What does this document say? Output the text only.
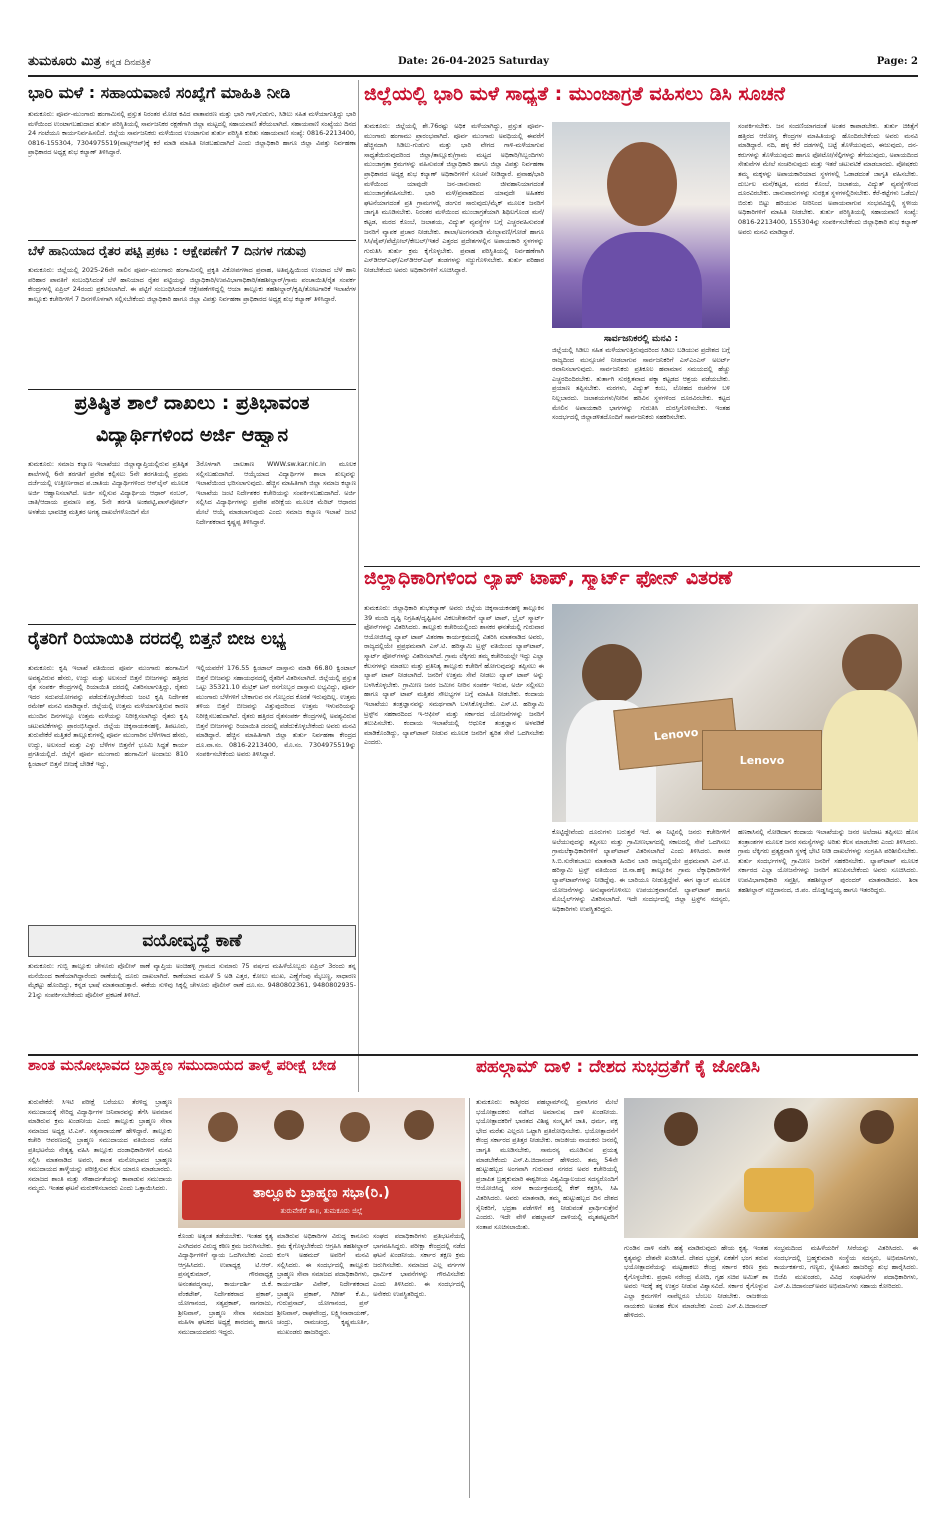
ತುಮಕೂರು ಮಿತ್ರ ಕನ್ನಡ ದಿನಪತ್ರಿಕೆ	Date: 26-04-2025 Saturday	Page: 2
ಭಾರಿ ಮಳೆ : ಸಹಾಯವಾಣಿ ಸಂಖ್ಯೆಗೆ ಮಾಹಿತಿ ನೀಡಿ
ತುಮಕೂರು: ಪೂರ್ವ-ಮುಂಗಾರು ಹಂಗಾಮಿನಲ್ಲಿ ಪ್ರಸ್ತುತ ನಿರಂತರ ಮೋಡ ಕವಿದ ವಾತಾವರಣ ಮತ್ತು ಭಾರಿ ಗಾಳಿ,ಗುಡುಗು, ಸಿಡಿಲು ಸಹಿತ ಮಳೆಯಾಗುತ್ತಿದ್ದು ಭಾರಿ ಮಳೆಯಿಂದ ಉಂಟಾಗಬಹುದಾದ ತುರ್ತು ಪರಿಸ್ಥಿತಿಯಲ್ಲಿ ಸಾರ್ವಜನಿಕರ ರಕ್ಷಣೆಗಾಗಿ ಜಿಲ್ಲಾ ಮಟ್ಟದಲ್ಲಿ ಸಹಾಯವಾಣಿ ತೆರೆಯಲಾಗಿದೆ. ಸಹಾಯವಾಣಿ ಸಂಖ್ಯೆಯು ದಿನದ 24 ಗಂಟೆಯೂ ಕಾರ್ಯನಿರ್ವಹಿಸಲಿದೆ. ಜಿಲ್ಲೆಯ ಸಾರ್ವಜನಿಕರು ಮಳೆಯಿಂದ ಉಂಟಾಗುವ ತುರ್ತು ಪರಿಸ್ಥಿತಿ ಕುರಿತು ಸಹಾಯವಾಣಿ ಸಂಖ್ಯೆ: 0816-2213400, 0816-155304, 7304975519(ವಾಟ್ಸ್‌ಆಪ್)ಕ್ಕೆ ಕರೆ ಮಾಡಿ ಮಾಹಿತಿ ನೀಡಬಹುದಾಗಿದೆ ಎಂದು ಜಿಲ್ಲಾಧಿಕಾರಿ ಹಾಗೂ ಜಿಲ್ಲಾ ವಿಪತ್ತು ನಿರ್ವಹಣಾ ಪ್ರಾಧಿಕಾರದ ಅಧ್ಯಕ್ಷ ಶುಭ ಕಲ್ಯಾಣ್ ತಿಳಿಸಿದ್ದಾರೆ.
ಬೆಳೆ ಹಾನಿಯಾದ ರೈತರ ಪಟ್ಟಿ ಪ್ರಕಟ : ಆಕ್ಷೇಪಣೆಗೆ 7 ದಿನಗಳ ಗಡುವು
ತುಮಕೂರು: ಜಿಲ್ಲೆಯಲ್ಲಿ 2025-26ನೇ ಸಾಲಿನ ಪೂರ್ವ-ಮುಂಗಾರು ಹಂಗಾಮಿನಲ್ಲಿ ಪ್ರಕೃತಿ ವಿಕೋಪಗಳಾದ ಪ್ರವಾಹ, ಅತಿವೃಷ್ಟಿಯಿಂದ ಉಂಟಾದ ಬೆಳೆ ಹಾನಿ ಪರಿಹಾರ ಪಾವತಿಗೆ ಸಂಬಂಧಿಸಿದಂತೆ ಬೆಳೆ ಹಾನಿಯಾದ ರೈತರ ಪಟ್ಟಿಯನ್ನು ಜಿಲ್ಲಾಧಿಕಾರಿ/ಉಪವಿಭಾಗಾಧಿಕಾರಿ/ತಹಶೀಲ್ದಾರ್/ಗ್ರಾಮ ಪಂಚಾಯಿತಿ/ರೈತ ಸಂಪರ್ಕ ಕೇಂದ್ರಗಳಲ್ಲಿ ಏಪ್ರಿಲ್ 24ರಂದು ಪ್ರಕಟಿಸಲಾಗಿದೆ. ಈ ಪಟ್ಟಿಗೆ ಸಂಬಂಧಿಸಿದಂತೆ ಆಕ್ಷೇಪಣೆಗಳಿದ್ದಲ್ಲಿ ಆಯಾ ತಾಲ್ಲೂಕು ತಹಶೀಲ್ದಾರ್/ಕೃಷಿ/ತೋಟಗಾರಿಕೆ ಇಲಾಖೆಗಳ ತಾಲ್ಲೂಕು ಕಚೇರಿಗಳಿಗೆ 7 ದಿನಗಳೊಳಗಾಗಿ ಸಲ್ಲಿಸಬೇಕೆಂದು ಜಿಲ್ಲಾಧಿಕಾರಿ ಹಾಗೂ ಜಿಲ್ಲಾ ವಿಪತ್ತು ನಿರ್ವಹಣಾ ಪ್ರಾಧಿಕಾರದ ಅಧ್ಯಕ್ಷ ಶುಭ ಕಲ್ಯಾಣ್ ತಿಳಿಸಿದ್ದಾರೆ.
ಪ್ರತಿಷ್ಠಿತ ಶಾಲೆ ದಾಖಲು : ಪ್ರತಿಭಾವಂತ
ವಿದ್ಯಾರ್ಥಿಗಳಿಂದ ಅರ್ಜಿ ಆಹ್ವಾನ
ತುಮಕೂರು: ಸಮಾಜ ಕಲ್ಯಾಣ ಇಲಾಖೆಯು ಜಿಲ್ಲಾವ್ಯಾಪ್ತಿಯಲ್ಲಿರುವ ಪ್ರತಿಷ್ಠಿತ ಶಾಲೆಗಳಲ್ಲಿ 6ನೇ ತರಗತಿಗೆ ಪ್ರವೇಶ ಕಲ್ಪಿಸಲು 5ನೇ ತರಗತಿಯಲ್ಲಿ ಪ್ರಥಮ ದರ್ಜೆಯಲ್ಲಿ ಉತ್ತೀರ್ಣರಾದ ಪ.ಜಾತಿಯ ವಿದ್ಯಾರ್ಥಿಗಳಿಂದ ಆನ್‌ಲೈನ್ ಮೂಲಕ ಅರ್ಜಿ ಆಹ್ವಾನಿಸಲಾಗಿದೆ. ಅರ್ಜಿ ಸಲ್ಲಿಸುವ ವಿದ್ಯಾರ್ಥಿಯ ಆಧಾರ್ ನಂಬರ್, ಜಾತಿ/ಆದಾಯ ಪ್ರಮಾಣ ಪತ್ರ, 5ನೇ ತರಗತಿ ಅಂಕಪಟ್ಟಿ,ಪಾಸ್‌ಪೋರ್ಟ್ ಅಳತೆಯ ಭಾವಚಿತ್ರ ಮತ್ತಿತರ ಅಗತ್ಯ ದಾಖಲೆಗಳೊಂದಿಗೆ ಮೇ
3ರೊಳಗಾಗಿ ಜಾಲತಾಣ WWW.sw.kar.nic.in ಮೂಲಕ ಸಲ್ಲಿಸಬಹುದಾಗಿದೆ. ಆಯ್ಕೆಯಾದ ವಿದ್ಯಾರ್ಥಿಗಳ ಶಾಲಾ ಶುಲ್ಕವನ್ನು ಇಲಾಖೆಯಿಂದ ಭರಿಸಲಾಗುವುದು. ಹೆಚ್ಚಿನ ಮಾಹಿತಿಗಾಗಿ ಜಿಲ್ಲಾ ಸಮಾಜ ಕಲ್ಯಾಣ ಇಲಾಖೆಯ ಜಂಟಿ ನಿರ್ದೇಶಕರ ಕಚೇರಿಯನ್ನು ಸಂಪರ್ಕಿಸಬಹುದಾಗಿದೆ. ಅರ್ಜಿ ಸಲ್ಲಿಸಿದ ವಿದ್ಯಾರ್ಥಿಗಳನ್ನು ಪ್ರವೇಶ ಪರೀಕ್ಷೆಯ ಮೂಲಕ ಮೆರಿಟ್ ಆಧಾರದ ಮೇಲೆ ಆಯ್ಕೆ ಮಾಡಲಾಗುವುದು ಎಂದು ಸಮಾಜ ಕಲ್ಯಾಣ ಇಲಾಖೆ ಜಂಟಿ ನಿರ್ದೇಶಕರಾದ ಕೃಷ್ಣಪ್ಪ ತಿಳಿಸಿದ್ದಾರೆ.
ರೈತರಿಗೆ ರಿಯಾಯಿತಿ ದರದಲ್ಲಿ ಬಿತ್ತನೆ ಬೀಜ ಲಭ್ಯ
ತುಮಕೂರು: ಕೃಷಿ ಇಲಾಖೆ ವತಿಯಿಂದ ಪೂರ್ವ ಮುಂಗಾರು ಹಂಗಾಮಿಗೆ ಅವಶ್ಯವಿರುವ ಹೆಸರು, ಉದ್ದು ಮತ್ತು ಅಲಸಂದೆ ಬಿತ್ತನೆ ಬೀಜಗಳನ್ನು ಹತ್ತಿರದ ರೈತ ಸಂಪರ್ಕ ಕೇಂದ್ರಗಳಲ್ಲಿ ರಿಯಾಯಿತಿ ದರದಲ್ಲಿ ವಿತರಿಸಲಾಗುತ್ತಿದ್ದು, ರೈತರು ಇದರ ಸದುಪಯೋಗವನ್ನು ಪಡೆದುಕೊಳ್ಳಬೇಕೆಂದು ಜಂಟಿ ಕೃಷಿ ನಿರ್ದೇಶಕ ರಮೇಶ್ ಮನವಿ ಮಾಡಿದ್ದಾರೆ. ಜಿಲ್ಲೆಯಲ್ಲಿ ಉತ್ತಮ ಮಳೆಯಾಗುತ್ತಿರುವ ಕಾರಣ ಮುಂದಿನ ದಿನಗಳಲ್ಲೂ ಉತ್ತಮ ಮಳೆಯನ್ನು ನಿರೀಕ್ಷಿಸಲಾಗಿದ್ದು ರೈತರು ಕೃಷಿ ಚಟುವಟಿಕೆಗಳನ್ನು ಪ್ರಾರಂಭಿಸಿದ್ದಾರೆ. ಜಿಲ್ಲೆಯ ಚಿಕ್ಕನಾಯಕನಹಳ್ಳಿ, ತಿಪಟೂರು, ತುರುವೇಕೆರೆ ಮತ್ತಿತರೆ ತಾಲ್ಲೂಕುಗಳಲ್ಲಿ ಪೂರ್ವ ಮುಂಗಾರಿನ ಬೆಳೆಗಳಾದ ಹೆಸರು, ಉದ್ದು, ಅಲಸಂದೆ ಮತ್ತು ಎಳ್ಳು ಬೆಳೆಗಳ ಬಿತ್ತನೆಗೆ ಭೂಮಿ ಸಿದ್ಧತೆ ಕಾರ್ಯ ಪ್ರಗತಿಯಲ್ಲಿದೆ. ಜಿಲ್ಲೆಗೆ ಪೂರ್ವ ಮುಂಗಾರು ಹಂಗಾಮಿಗೆ ಅಂದಾಜು 810 ಕ್ವಿಂಟಾಲ್ ಬಿತ್ತನೆ ಬೀಜಕ್ಕೆ ಬೇಡಿಕೆ ಇದ್ದು,
ಇಲ್ಲಿಯವರೆಗೆ 176.55 ಕ್ವಿಂಟಾಲ್ ದಾಸ್ತಾನು ಮಾಡಿ 66.80 ಕ್ವಿಂಟಾಲ್ ಬಿತ್ತನೆ ಬೀಜವನ್ನು ಸಹಾಯಧನದಲ್ಲಿ ರೈತರಿಗೆ ವಿತರಿಸಲಾಗಿದೆ. ಜಿಲ್ಲೆಯಲ್ಲಿ ಪ್ರಸ್ತುತ ಒಟ್ಟು 35321.10 ಮೆಟ್ರಿಕ್ ಟನ್ ರಸಗೊಬ್ಬರ ದಾಸ್ತಾನು ಲಭ್ಯವಿದ್ದು, ಪೂರ್ವ ಮುಂಗಾರು ಬೆಳೆಗಳಿಗೆ ಬೇಕಾಗುವ ರಸ ಗೊಬ್ಬರದ ಕೊರತೆ ಇರುವುದಿಲ್ಲ. ಉತ್ತಮ ತಳಿಯ ಬಿತ್ತನೆ ಬೀಜವನ್ನು ವಿತ್ತುವುದರಿಂದ ಉತ್ತಮ ಇಳುವರಿಯನ್ನು ನಿರೀಕ್ಷಿಸಬಹುದಾಗಿದೆ. ರೈತರು ಹತ್ತಿರದ ರೈತಸಂಪರ್ಕ ಕೇಂದ್ರಗಳಲ್ಲಿ ಅವಶ್ಯವಿರುವ ಬಿತ್ತನೆ ಬೀಜಗಳನ್ನು ರಿಯಾಯಿತಿ ದರದಲ್ಲಿ ಪಡೆದುಕೊಳ್ಳಬೇಕೆಂದು ಅವರು ಮನವಿ ಮಾಡಿದ್ದಾರೆ. ಹೆಚ್ಚಿನ ಮಾಹಿತಿಗಾಗಿ ಜಿಲ್ಲಾ ತುರ್ತು ನಿರ್ವಹಣಾ ಕೇಂದ್ರದ ದೂ.ವಾ.ಸಂ. 0816-2213400, ಮೊ.ಸಂ. 7304975519ನ್ನು ಸಂಪರ್ಕಿಸಬೇಕೆಂದು ಅವರು ತಿಳಿಸಿದ್ದಾರೆ.
ವಯೋವೃದ್ಧೆ ಕಾಣೆ
ತುಮಕೂರು: ಗುಬ್ಬಿ ತಾಲ್ಲೂಕು ಚೇಳೂರು ಪೊಲೀಸ್ ಠಾಣೆ ವ್ಯಾಪ್ತಿಯ ಅಂಚಿಹಳ್ಳಿ ಗ್ರಾಮದ ಸುಮಾರು 75 ವರ್ಷದ ಮಹಿಳೆಯೊಬ್ಬರು ಏಪ್ರಿಲ್ 3ರಂದು ತನ್ನ ಮನೆಯಿಂದ ಕಾಣೆಯಾಗಿದ್ದಾರೆಂದು ಠಾಣೆಯಲ್ಲಿ ದೂರು ದಾಖಲಾಗಿದೆ. ಕಾಣೆಯಾದ ಮಹಿಳೆ 5 ಅಡಿ ಎತ್ತರ, ಕೋಲು ಮುಖ, ಎಣ್ಣೆಗೆಂಪು ಮೈಬಣ್ಣ, ಸಾಧಾರಣ ಮೈಕಟ್ಟು ಹೊಂದಿದ್ದು, ಕನ್ನಡ ಭಾಷೆ ಮಾತನಾಡುತ್ತಾರೆ. ಈಕೆಯ ಸುಳಿವು ಸಿಕ್ಕಲ್ಲಿ ಚೇಳೂರು ಪೊಲೀಸ್ ಠಾಣೆ ದೂ.ಸಂ. 9480802361, 9480802935-21ನ್ನು ಸಂಪರ್ಕಿಸಬೇಕೆಂದು ಪೊಲೀಸ್ ಪ್ರಕಟಣೆ ತಿಳಿಸಿದೆ.
ಜಿಲ್ಲೆಯಲ್ಲಿ ಭಾರಿ ಮಳೆ ಸಾಧ್ಯತೆ : ಮುಂಜಾಗ್ರತೆ ವಹಿಸಲು ಡಿಸಿ ಸೂಚನೆ
ತುಮಕೂರು: ಜಿಲ್ಲೆಯಲ್ಲಿ ಶೇ.76ರಷ್ಟು ಅಧಿಕ ಮಳೆಯಾಗಿದ್ದು, ಪ್ರಸ್ತುತ ಪೂರ್ವ-ಮುಂಗಾರು ಹಂಗಾಮು ಪ್ರಾರಂಭವಾಗಿದೆ. ಪೂರ್ವ ಮುಂಗಾರು ಅವಧಿಯಲ್ಲಿ ಈವರೆಗೆ ಹೆಚ್ಚಿನದಾಗಿ ಸಿಡಿಲು-ಗುಡುಗು ಮತ್ತು ಭಾರಿ ವೇಗದ ಗಾಳಿ-ಮಳೆಯಾಗುವ ಸಾಧ್ಯತೆಯಿರುವುದರಿಂದ ಜಿಲ್ಲಾ/ತಾಲ್ಲೂಕು/ಗ್ರಾಮ ಮಟ್ಟದ ಅಧಿಕಾರಿ/ಸಿಬ್ಬಂದಿಗಳು ಮುಂಜಾಗ್ರತಾ ಕ್ರಮಗಳನ್ನು ವಹಿಸುವಂತೆ ಜಿಲ್ಲಾಧಿಕಾರಿ ಹಾಗೂ ಜಿಲ್ಲಾ ವಿಪತ್ತು ನಿರ್ವಹಣಾ ಪ್ರಾಧಿಕಾರದ ಅಧ್ಯಕ್ಷ ಶುಭ ಕಲ್ಯಾಣ್ ಅಧಿಕಾರಿಗಳಿಗೆ ಸೂಚನೆ ನೀಡಿದ್ದಾರೆ. ಪ್ರವಾಹ/ಭಾರಿ ಮಳೆಯಿಂದ ಯಾವುದೇ ಜನ-ಜಾನುವಾರು ಜೀವಹಾನಿಯಾಗದಂತೆ ಮುಂಜಾಗ್ರತೆವಹಿಸಬೇಕು. ಭಾರಿ ಮಳೆ/ಪ್ರವಾಹದಿಂದ ಯಾವುದೇ ಅಹಿತಕರ ಘಟನೆಯಾಗದಂತೆ ಪ್ರತಿ ಗ್ರಾಮಗಳಲ್ಲಿ ಡಂಗುರ ಸಾರುವುದು/ಮೈಕ್ ಮೂಲಕ ಜನರಿಗೆ ಜಾಗೃತಿ ಮೂಡಿಸಬೇಕು. ನಿರಂತರ ಮಳೆಯಿಂದ ಮುಂಜಾಗ್ರತೆಯಾಗಿ ಶಿಥಿಲಗೊಂಡ ಮನೆ/ಕಟ್ಟಡ, ಮರದ ಕೊಂಬೆ, ಜಲಾಶಯ, ವಿದ್ಯುತ್ ವ್ಯವಸ್ಥೆಗಳ ಬಗ್ಗೆ ಎಚ್ಚರವಹಿಸುವಂತೆ ಜನರಿಗೆ ವ್ಯಾಪಕ ಪ್ರಚಾರ ನೀಡಬೇಕು. ಶಾಲಾ/ಅಂಗನವಾಡಿ ಮೇಲ್ಛಾವಣಿ/ಗೋಡೆ ಹಾಗೂ ಸಿಸಿ/ಪೈಪ್/ಪೆಟ್ರೋಲ್/ಕೇಬಲ್/ಇತರೆ ಎತ್ತರದ ಪ್ರದೇಶಗಳಲ್ಲಿನ ಅಪಾಯಕಾರಿ ಸ್ಥಳಗಳನ್ನು ಗುರುತಿಸಿ ತುರ್ತು ಕ್ರಮ ಕೈಗೊಳ್ಳಬೇಕು. ಪ್ರವಾಹ ಪರಿಸ್ಥಿತಿಯಲ್ಲಿ ನಿರ್ವಹಣೆಗಾಗಿ ಎಸ್‌ಡಿಆರ್‌ಎಫ್/ಎನ್‌ಡಿಆರ್‌ಎಫ್ ತಂಡಗಳನ್ನು ಸಜ್ಜುಗೊಳಿಸಬೇಕು. ತುರ್ತು ಪರಿಹಾರ ನೀಡಬೇಕೆಂದು ಅವರು ಅಧಿಕಾರಿಗಳಿಗೆ ಸೂಚಿಸಿದ್ದಾರೆ.
ಸಾರ್ವಜನಿಕರಲ್ಲಿ ಮನವಿ :
ಜಿಲ್ಲೆಯಲ್ಲಿ ಸಿಡಿಲು ಸಹಿತ ಮಳೆಯಾಗುತ್ತಿರುವುದರಿಂದ ಸಿಡಿಲು ಬಡಿಯುವ ಪ್ರದೇಶದ ಬಗ್ಗೆ ರಾಜ್ಯದಿಂದ ಮುನ್ಸೂಚನೆ ನೀಡಲಾಗುವ ಸಾರ್ವಜನಿಕರಿಗೆ ಎಸ್‌ಎಂಎಸ್ ಅಲರ್ಟ್ ರವಾನಿಸಲಾಗುವುದು. ಸಾರ್ವಜನಿಕರು ಪ್ರತಿಕೂಲ ಹವಾಮಾನ ಸಮಯದಲ್ಲಿ ಹೆಚ್ಚು ಎಚ್ಚರದಿಂದಿರಬೇಕು. ತುರ್ತಾಗಿ ಸುರಕ್ಷಿತವಾದ ಪಕ್ಕಾ ಕಟ್ಟಡದ ಆಶ್ರಯ ಪಡೆಯಬೇಕು. ಪ್ರಯಾಣ ತಪ್ಪಿಸಬೇಕು. ಮರಗಳು, ವಿದ್ಯುತ್ ಕಂಬ, ಲೋಹದ ರಚನೆಗಳ ಬಳಿ ನಿಲ್ಲಬಾರದು. ಜಲಾಶಯಗಳು/ನೀರಿನ ಹರಿವಿನ ಸ್ಥಳಗಳಿಂದ ದೂರವಿರಬೇಕು. ಕಟ್ಟದ ಮೇಲಿನ ಅಪಾಯಕಾರಿ ಭಾಗಗಳನ್ನು ಗುರುತಿಸಿ ದುರಸ್ತಿಗೊಳಿಸಬೇಕು. ಇಂತಹ ಸಂದರ್ಭದಲ್ಲಿ ಜಿಲ್ಲಾಡಳಿತದೊಂದಿಗೆ ಸಾರ್ವಜನಿಕರು ಸಹಕರಿಸಬೇಕು.
ಸಂಪರ್ಕಿಸಬೇಕು. ಜನ ಸಂದಣಿಯಾಗದಂತೆ ಅಂತರ ಕಾಪಾಡಬೇಕು. ತುರ್ತು ಚಿಕಿತ್ಸೆಗೆ ಹತ್ತಿರದ ಆರೋಗ್ಯ ಕೇಂದ್ರಗಳ ಮಾಹಿತಿಯನ್ನು ಹೊಂದಿರಬೇಕೆಂದು ಅವರು ಮನವಿ ಮಾಡಿದ್ದಾರೆ. ನದಿ, ಹಳ್ಳ ಕೆರೆ ದಡಗಳಲ್ಲಿ ಬಟ್ಟೆ ತೊಳೆಯುವುದು, ಈಜುವುದು, ದನ-ಕರುಗಳನ್ನು ತೊಳೆಯುವುದು ಹಾಗೂ ಫೋಟೋ/ಸೆಲ್ಫಿಗಳನ್ನು ತೆಗೆಯುವುದು, ಅಪಾಯದಿಂದ ಸೇತುವೆಗಳ ಮೇಲೆ ಸಂಚರಿಸುವುದು ಮತ್ತು ಇತರೆ ಚಟುವಟಿಕೆ ಮಾಡಬಾರದು. ಪೋಷಕರು ತಮ್ಮ ಮಕ್ಕಳನ್ನು ಅಪಾಯಕಾರಿಯಾದ ಸ್ಥಳಗಳಲ್ಲಿ ಓಡಾಡದಂತೆ ಜಾಗೃತಿ ವಹಿಸಬೇಕು. ದುರ್ಬಲ ಮನೆ/ಕಟ್ಟಡ, ಮರದ ಕೊಂಬೆ, ಜಲಾಶಯ, ವಿದ್ಯುತ್ ವ್ಯವಸ್ಥೆಗಳಿಂದ ದೂರವಿರಬೇಕು. ಜಾನುವಾರುಗಳನ್ನು ಸುರಕ್ಷಿತ ಸ್ಥಳಗಳಲ್ಲಿರಿಸಬೇಕು. ಕೆರೆ-ಕಟ್ಟೆಗಳು ಒಡೆದು/ಬಿರುಕು ಬಿಟ್ಟು ಹರಿಯುವ ನೀರಿನಿಂದ ಅಪಾಯವಾಗುವ ಸಂಭವವಿದ್ದಲ್ಲಿ ಸ್ಥಳೀಯ ಅಧಿಕಾರಿಗಳಿಗೆ ಮಾಹಿತಿ ನೀಡಬೇಕು. ತುರ್ತು ಪರಿಸ್ಥಿತಿಯಲ್ಲಿ ಸಹಾಯವಾಣಿ ಸಂಖ್ಯೆ: 0816-2213400, 155304ನ್ನು ಸಂಪರ್ಕಿಸಬೇಕೆಂದು ಜಿಲ್ಲಾಧಿಕಾರಿ ಶುಭ ಕಲ್ಯಾಣ್ ಅವರು ಮನವಿ ಮಾಡಿದ್ದಾರೆ.
ಜಿಲ್ಲಾಧಿಕಾರಿಗಳಿಂದ ಲ್ಯಾಪ್ ಟಾಪ್, ಸ್ಮಾರ್ಟ್ ಫೋನ್ ವಿತರಣೆ
ತುಮಕೂರು: ಜಿಲ್ಲಾಧಿಕಾರಿ ಶುಭಕಲ್ಯಾಣ್ ಅವರು ಜಿಲ್ಲೆಯ ಚಿಕ್ಕನಾಯಕನಹಳ್ಳಿ ತಾಲ್ಲೂಕಿನ 39 ಮಂದಿ ದೃಷ್ಟಿ ನಿಗ್ರಹಿತ/ದೃಷ್ಟಿಹೀನ ವಿಕಲಚೇತನರಿಗೆ ಲ್ಯಾಪ್ ಟಾಪ್, ಬ್ರೈಲ್ ಸ್ಮಾರ್ಟ್ ಫೋನ್‌ಗಳನ್ನು ವಿತರಿಸಿದರು. ತಾಲ್ಲೂಕು ಕಚೇರಿಯಲ್ಲಿಂದು ಶಾಸಕರ ಘನತೆಯಲ್ಲಿ ಗುರುವಾರ ಆಯೋಜಿಸಿದ್ದ ಲ್ಯಾಪ್ ಟಾಪ್ ವಿತರಣಾ ಕಾರ್ಯಕ್ರಮದಲ್ಲಿ ವಿತರಿಸಿ ಮಾತನಾಡಿದ ಅವರು, ರಾಜ್ಯದಲ್ಲಿಯೇ ಪ್ರಪ್ರಥಮವಾಗಿ ಎಸ್.ಟಿ. ಹರಿಸ್ವಾಮಿ ಟ್ರಸ್ಟ್ ವತಿಯಿಂದ ಲ್ಯಾಪ್‌ಟಾಪ್, ಸ್ಮಾರ್ಟ್ ಫೋನ್‌ಗಳನ್ನು ವಿತರಿಸಲಾಗಿದೆ. ಗ್ರಾಮ ಲೆಕ್ಕಿಗರು ತಮ್ಮ ಕಚೇರಿಯಲ್ಲೇ ಇದ್ದು ಎಲ್ಲಾ ಕೆಲಸಗಳನ್ನು ಮಾಡಲು ಮತ್ತು ಪ್ರತಿನಿತ್ಯ ತಾಲ್ಲೂಕು ಕಚೇರಿಗೆ ಹೋಗುವುದನ್ನು ತಪ್ಪಿಸಲು ಈ ಲ್ಯಾಪ್ ಟಾಪ್ ನೀಡಲಾಗಿದೆ. ಜನರಿಗೆ ಉತ್ತಮ ಸೇವೆ ನೀಡಲು ಲ್ಯಾಪ್ ಟಾಪ್ ಅನ್ನು ಬಳಸಿಕೊಳ್ಳಬೇಕು. ಗ್ರಾಮೀಣ ಜನರ ಜಮೀನ ನೀರಿನ ಸಂಪರ್ಕ ಇರುವ, ಅರ್ಜಿ ಸಲ್ಲಿಸಲು ಹಾಗೂ ಲ್ಯಾಪ್ ಟಾಪ್ ಮತ್ತಿತರ ಸೌಲಭ್ಯಗಳ ಬಗ್ಗೆ ಮಾಹಿತಿ ನೀಡಬೇಕು. ಕಂದಾಯ ಇಲಾಖೆಯು ತಂತ್ರಜ್ಞಾನವನ್ನು ಸಮರ್ಥವಾಗಿ ಬಳಸಿಕೊಳ್ಳಬೇಕು. ಎಸ್.ಟಿ. ಹರಿಸ್ವಾಮಿ ಟ್ರಸ್ಟ್‌ನ ಸಹಕಾರದಿಂದ ಇ-ಆಫೀಸ್ ಮತ್ತು ಸರ್ಕಾರದ ಯೋಜನೆಗಳನ್ನು ಜನರಿಗೆ ತಲುಪಿಸಬೇಕು. ಕಂದಾಯ ಇಲಾಖೆಯಲ್ಲಿ ಆಧುನಿಕ ತಂತ್ರಜ್ಞಾನ ಅಳವಡಿಕೆ ಮಾಡಿಕೊಂಡಿದ್ದು, ಲ್ಯಾಪ್‌ಟಾಪ್ ನೀಡುವ ಮೂಲಕ ಜನರಿಗೆ ತ್ವರಿತ ಸೇವೆ ಒದಗಿಸಬೇಕು ಎಂದರು.	Lenovo
Lenovo
ಕೊಟ್ಟಿದ್ದೇವೆಂದು ದೂರುಗಳು ಬರುತ್ತವೆ ಇದೆ. ಈ ನಿಟ್ಟಿನಲ್ಲಿ ಜನರು ಕಚೇರಿಗಳಿಗೆ ಅಲೆಯುವುದನ್ನು ತಪ್ಪಿಸಲು ಮತ್ತು ಗ್ರಾಮೀಣಭಾಗದಲ್ಲಿ ಸಕಾಲದಲ್ಲಿ ಸೇವೆ ಒದಗಿಸಲು ಗ್ರಾಮಲೆಕ್ಕಾಧಿಕಾರಿಗಳಿಗೆ ಲ್ಯಾಪ್‌ಟಾಪ್ ವಿತರಿಸಲಾಗಿದೆ ಎಂದು ತಿಳಿಸಿದರು. ಶಾಸಕ ಸಿ.ಬಿ.ಸುರೇಶಬಾಬು ಮಾತನಾಡಿ ಹಿಂದಿನ ಬಾರಿ ರಾಜ್ಯದಲ್ಲಿಯೇ ಪ್ರಥಮವಾಗಿ ಎಸ್.ಟಿ. ಹರಿಸ್ವಾಮಿ ಟ್ರಸ್ಟ್ ವತಿಯಿಂದ ಚಿ.ನಾ.ಹಳ್ಳಿ ತಾಲ್ಲೂಕಿನ ಗ್ರಾಮ ಲೆಕ್ಕಾಧಿಕಾರಿಗಳಿಗೆ ಲ್ಯಾಪ್‌ಟಾಪ್‌ಗಳನ್ನು ನೀಡಿದ್ದೆವು. ಈ ಬಾರಿಯೂ ನೀಡುತ್ತಿದ್ದೇವೆ. ಈಗ ಟ್ಯಾಬ್ ಮೂಲಕ ಯೋಜನೆಗಳನ್ನು ಅನುಷ್ಠಾನಗೊಳಿಸಲು ಉಪಯುಕ್ತವಾಗಲಿದೆ. ಲ್ಯಾಪ್‌ಟಾಪ್ ಹಾಗೂ ಮೊಬೈಲ್‌ಗಳನ್ನು ವಿತರಿಸಲಾಗಿದೆ. ಇದೇ ಸಂದರ್ಭದಲ್ಲಿ ಜಿಲ್ಲಾ ಟ್ರಸ್ಟ್‌ನ ಸದಸ್ಯರು, ಅಧಿಕಾರಿಗಳು ಉಪಸ್ಥಿತರಿದ್ದರು.
ಹಣಕಾಸಿನಲ್ಲಿ ನೋಡಿದಾಗ ಕಂದಾಯ ಇಲಾಖೆಯನ್ನು ಜನರ ಅಲೆದಾಟ ತಪ್ಪಿಸಲು ಹೊಸ ತಂತ್ರಾಂಶಗಳ ಮೂಲಕ ಜನರ ಸಮಸ್ಯೆಗಳನ್ನು ಅರಿತು ಕೆಲಸ ಮಾಡಬೇಕು ಎಂದು ತಿಳಿಸಿದರು. ಗ್ರಾಮ ಲೆಕ್ಕಿಗರು ಪ್ರತ್ಯಕ್ಷವಾಗಿ ಸ್ಥಳಕ್ಕೆ ಭೇಟಿ ನೀಡಿ ದಾಖಲೆಗಳನ್ನು ಸಂಗ್ರಹಿಸಿ ಪರಿಶೀಲಿಸಬೇಕು. ತುರ್ತು ಸಂದರ್ಭಗಳಲ್ಲಿ ಗ್ರಾಮೀಣ ಜನರಿಗೆ ಸಹಕರಿಸಬೇಕು. ಲ್ಯಾಪ್‌ಟಾಪ್ ಮೂಲಕ ಸರ್ಕಾರದ ಎಲ್ಲಾ ಯೋಜನೆಗಳನ್ನು ಜನರಿಗೆ ತಲುಪಿಸಬೇಕೆಂದು ಅವರು ಸೂಚಿಸಿದರು. ಉಪವಿಭಾಗಾಧಿಕಾರಿ ಸಪ್ತಶ್ರೀ, ತಹಶೀಲ್ದಾರ್ ಪುರಂದರ್ ಮಾತನಾಡಿದರು. ಶಿರಾ ತಹಶೀಲ್ದಾರ್ ಸಚ್ಚಿದಾನಂದ, ಜಿ.ಪಂ. ದೊಡ್ಡಸಿದ್ದಯ್ಯ ಹಾಗೂ ಇತರರಿದ್ದರು.
ಶಾಂತ ಮನೋಭಾವದ ಬ್ರಾಹ್ಮಣ ಸಮುದಾಯದ ತಾಳ್ಮೆ ಪರೀಕ್ಷೆ ಬೇಡ
ತುರುವೇಕೆರೆ: ಸಿಇಟಿ ಪರೀಕ್ಷೆ ಬರೆಯಲು ತೆರಳಿದ್ದ ಬ್ರಾಹ್ಮಣ ಸಮುದಾಯಕ್ಕೆ ಸೇರಿದ್ದ ವಿದ್ಯಾರ್ಥಿಗಳ ಜನಿವಾರವನ್ನು ತೆಗೆಸಿ ಅವಮಾನ ಮಾಡಿರುವ ಕ್ರಮ ಖಂಡನೀಯ ಎಂದು ತಾಲ್ಲೂಕು ಬ್ರಾಹ್ಮಣ ಸೇವಾ ಸಮಾಜದ ಅಧ್ಯಕ್ಷ ಟಿ.ಎಸ್. ಸತ್ಯನಾರಾಯಣ್ ಹೇಳಿದ್ದಾರೆ. ತಾಲ್ಲೂಕು ಕಚೇರಿ ಆವರಣದಲ್ಲಿ ಬ್ರಾಹ್ಮಣ ಸಮುದಾಯದ ವತಿಯಿಂದ ನಡೆದ ಪ್ರತಿಭಟನೆಯ ನೇತೃತ್ವ ವಹಿಸಿ ತಾಲ್ಲೂಕು ದಂಡಾಧಿಕಾರಿಗಳಿಗೆ ಮನವಿ ಸಲ್ಲಿಸಿ ಮಾತನಾಡಿದ ಅವರು, ಶಾಂತ ಮನೋಭಾವದ ಬ್ರಾಹ್ಮಣ ಸಮುದಾಯದ ತಾಳ್ಮೆಯನ್ನು ಪರೀಕ್ಷಿಸುವ ಕೆಲಸ ಯಾರೂ ಮಾಡಬಾರದು. ಸಮಾಜದ ಶಾಂತಿ ಮತ್ತು ಸೌಹಾರ್ದತೆಯನ್ನು ಕಾಪಾಡುವ ಸಮುದಾಯ ನಮ್ಮದು. ಇಂತಹ ಘಟನೆ ಮರುಕಳಿಸಬಾರದು ಎಂದು ಒತ್ತಾಯಿಸಿದರು.	ತಾಲ್ಲೂಕು ಬ್ರಾಹ್ಮಣ ಸಭಾ(ರಿ.)
ತುರುವೇಕೆರೆ ತಾ॥, ತುಮಕೂರು ಜಿಲ್ಲೆ
ಕೊಂಡು ಅತ್ಯಂತ ತಡೆಯಬೇಕು. ಇಂತಹ ಕೃತ್ಯ ಎಸಗಿದವರ ವಿರುದ್ಧ ಕಠಿಣ ಕ್ರಮ ಜರುಗಿಸಬೇಕು. ವಿದ್ಯಾರ್ಥಿಗಳಿಗೆ ನ್ಯಾಯ ಒದಗಿಸಬೇಕು ಎಂದು ಆಗ್ರಹಿಸಿದರು. ಉಪಾಧ್ಯಕ್ಷ ಟಿ.ಆರ್. ಪ್ರಸನ್ನಕುಮಾರ್, ಗೌರವಾಧ್ಯಕ್ಷ ಅನಂತಪದ್ಮನಾಭ, ಕಾರ್ಯದರ್ಶಿ ಜಿ.ಕೆ. ವೆಂಕಟೇಶ್, ನಿರ್ದೇಶಕರಾದ ಪ್ರಕಾಶ್, ಯೋಗಾನಂದ, ಸತ್ಯಪ್ರಕಾಶ್, ನಾಗರಾಜು, ಶ್ರೀನಿವಾಸ್, ಬ್ರಾಹ್ಮಣ ಸೇವಾ ಸಮಾಜದ ಮಹಿಳಾ ಘಟಕದ ಅಧ್ಯಕ್ಷೆ ಶಾರದಮ್ಮ ಹಾಗೂ ಸಮುದಾಯದವರು ಇದ್ದರು.
ಮಾಡಿರುವ ಅಧಿಕಾರಿಗಳ ವಿರುದ್ಧ ಕಾನೂನು ಕ್ರಮ ಕೈಗೊಳ್ಳಬೇಕೆಂದು ಆಗ್ರಹಿಸಿ ತಹಶೀಲ್ದಾರ್ ಕುಂಇ ಅಹಮದ್ ಅವರಿಗೆ ಮನವಿ ಸಲ್ಲಿಸಿದರು. ಈ ಸಂದರ್ಭದಲ್ಲಿ ತಾಲ್ಲೂಕು ಬ್ರಾಹ್ಮಣ ಸೇವಾ ಸಮಾಜದ ಪದಾಧಿಕಾರಿಗಳು, ಕಾರ್ಯದರ್ಶಿ ವಿವೇಕ್, ನಿರ್ದೇಶಕರಾದ ಬ್ರಾಹ್ಮಣ ಪ್ರಕಾಶ್, ಗಿರೀಶ್ ಕೆ.ಪಿ., ಗುರುಪ್ರಸಾದ್, ಯೋಗಾನಂದ, ಪ್ರಸ್ ಶ್ರೀನಿವಾಸ್, ರಾಘವೇಂದ್ರ, ಲಕ್ಷ್ಮೀನಾರಾಯಣ್, ಚಂದ್ರು, ರಾಮಚಂದ್ರ, ಕೃಷ್ಣಮೂರ್ತಿ, ಮುಖಂಡರು ಹಾಜರಿದ್ದರು.
ಸಂಘದ ಪದಾಧಿಕಾರಿಗಳು ಪ್ರತಿಭಟನೆಯಲ್ಲಿ ಭಾಗವಹಿಸಿದ್ದರು. ಪರೀಕ್ಷಾ ಕೇಂದ್ರದಲ್ಲಿ ನಡೆದ ಘಟನೆ ಖಂಡನೀಯ. ಸರ್ಕಾರ ತಕ್ಷಣ ಕ್ರಮ ಜರುಗಿಸಬೇಕು. ಸಮಾಜದ ಎಲ್ಲ ವರ್ಗಗಳ ಧಾರ್ಮಿಕ ಭಾವನೆಗಳನ್ನು ಗೌರವಿಸಬೇಕು ಎಂದು ತಿಳಿಸಿದರು. ಈ ಸಂದರ್ಭದಲ್ಲಿ ಅನೇಕರು ಉಪಸ್ಥಿತರಿದ್ದರು.
ಪಹಲ್ಗಾಮ್ ದಾಳಿ : ದೇಶದ ಸುಭದ್ರತೆಗೆ ಕೈ ಜೋಡಿಸಿ
ತುಮಕೂರು: ಕಾಶ್ಮೀರದ ಪಹಲ್ಗಾಮ್‌ನಲ್ಲಿ ಪ್ರವಾಸಿಗರ ಮೇಲೆ ಭಯೋತ್ಪಾದಕರು ನಡೆಸಿದ ಅಮಾನುಷ ದಾಳಿ ಖಂಡನೀಯ. ಭಯೋತ್ಪಾದಕರಿಗೆ ಭಾರತದ ವಿಶಿಷ್ಟ ಸಂಸ್ಕೃತಿಗೆ ಜಾತಿ, ಧರ್ಮ, ಪಕ್ಷ ಭೇದ ಮರೆತು ಎಲ್ಲರೂ ಒಟ್ಟಾಗಿ ಪ್ರತಿರೋಧಿಸಬೇಕು. ಭಯೋತ್ಪಾದನೆಗೆ ಕೇಂದ್ರ ಸರ್ಕಾರದ ಪ್ರತಿತ್ತರ ನೀಡಬೇಕು. ರಾಜಕೀಯ ನಾಯಕರು ಜನರಲ್ಲಿ ಜಾಗೃತಿ ಮೂಡಿಸಬೇಕು, ಸಾಮರಸ್ಯ ಮೂಡಿಸುವ ಪ್ರಯತ್ನ ಮಾಡಬೇಕೆಂದು ಎಸ್.ಪಿ.ಚಿದಾನಂದ್ ಹೇಳಿದರು. ತಮ್ಮ 54ನೇ ಹುಟ್ಟುಹಬ್ಬದ ಅಂಗವಾಗಿ ಗುರುವಾರ ನಗರದ ಅವರ ಕಚೇರಿಯಲ್ಲಿ ಪ್ರಜಾಪಿತ ಬ್ರಹ್ಮಕುಮಾರಿ ಈಶ್ವರೀಯ ವಿಶ್ವವಿದ್ಯಾಲಯದ ಸದಸ್ಯರೊಂದಿಗೆ ಆಯೋಜಿಸಿದ್ದ ಸರಳ ಕಾರ್ಯಕ್ರಮದಲ್ಲಿ ಕೇಕ್ ಕತ್ತರಿಸಿ, ಸಿಹಿ ವಿತರಿಸಿದರು. ಅವರು ಮಾತನಾಡಿ, ತಮ್ಮ ಹುಟ್ಟುಹಬ್ಬದ ದಿನ ದೇಶದ ಸೈನಿಕರಿಗೆ, ಭದ್ರತಾ ಪಡೆಗಳಿಗೆ ಶಕ್ತಿ ನೀಡುವಂತೆ ಪ್ರಾರ್ಥಿಸುತ್ತೇನೆ ಎಂದರು. ಇದೇ ವೇಳೆ ಪಹಲ್ಗಾಮ್ ದಾಳಿಯಲ್ಲಿ ಮೃತಪಟ್ಟವರಿಗೆ ಸಂತಾಪ ಸೂಚಿಸಲಾಯಿತು.
ಗುಂಡಿನ ದಾಳಿ ನಡೆಸಿ ಹತ್ಯೆ ಮಾಡಿರುವುದು ಹೇಯ ಕೃತ್ಯ. ಇಂತಹ ಕೃತ್ಯವನ್ನು ದೇಶವೇ ಖಂಡಿಸಿದೆ. ದೇಶದ ಭದ್ರತೆ, ಏಕತೆಗೆ ಭಂಗ ತರುವ ಭಯೋತ್ಪಾದನೆಯನ್ನು ಮಟ್ಟಹಾಕಲು ಕೇಂದ್ರ ಸರ್ಕಾರ ಕಠಿಣ ಕ್ರಮ ಕೈಗೊಳ್ಳಬೇಕು. ಪ್ರಧಾನಿ ನರೇಂದ್ರ ಮೋದಿ, ಗೃಹ ಸಚಿವ ಅಮಿತ್ ಶಾ ಅವರು ಇದಕ್ಕೆ ತಕ್ಕ ಉತ್ತರ ನೀಡುವ ವಿಶ್ವಾಸವಿದೆ. ಸರ್ಕಾರ ಕೈಗೊಳ್ಳುವ ಎಲ್ಲಾ ಕ್ರಮಗಳಿಗೆ ನಾವೆಲ್ಲರೂ ಬೆಂಬಲ ನೀಡಬೇಕು. ರಾಜಕೀಯ ನಾಯಕರು ಅಂತಹ ಕೆಲಸ ಮಾಡಬೇಕು ಎಂದು ಎಸ್.ಪಿ.ಚಿದಾನಂದ್ ಹೇಳಿದರು.
ಸಂಭ್ರಮದಿಂದ ಮಹಿಳೆಯರಿಗೆ ಸೀರೆಯನ್ನು ವಿತರಿಸಿದರು. ಈ ಸಂದರ್ಭದಲ್ಲಿ ಬ್ರಹ್ಮಕುಮಾರಿ ಸಂಸ್ಥೆಯ ಸದಸ್ಯರು, ಅಭಿಮಾನಿಗಳು, ಕಾರ್ಯಕರ್ತರು, ಗಣ್ಯರು, ಸ್ನೇಹಿತರು ಹಾಜರಿದ್ದು ಶುಭ ಹಾರೈಸಿದರು. ಬಿಜೆಪಿ ಮುಖಂಡರು, ವಿವಿಧ ಸಂಘಟನೆಗಳ ಪದಾಧಿಕಾರಿಗಳು, ಎಸ್.ಪಿ.ಚಿದಾನಂದ್‌ಅವರ ಅಭಿಮಾನಿಗಳು ಸಹಾಯ ಕೋರಿದರು.
